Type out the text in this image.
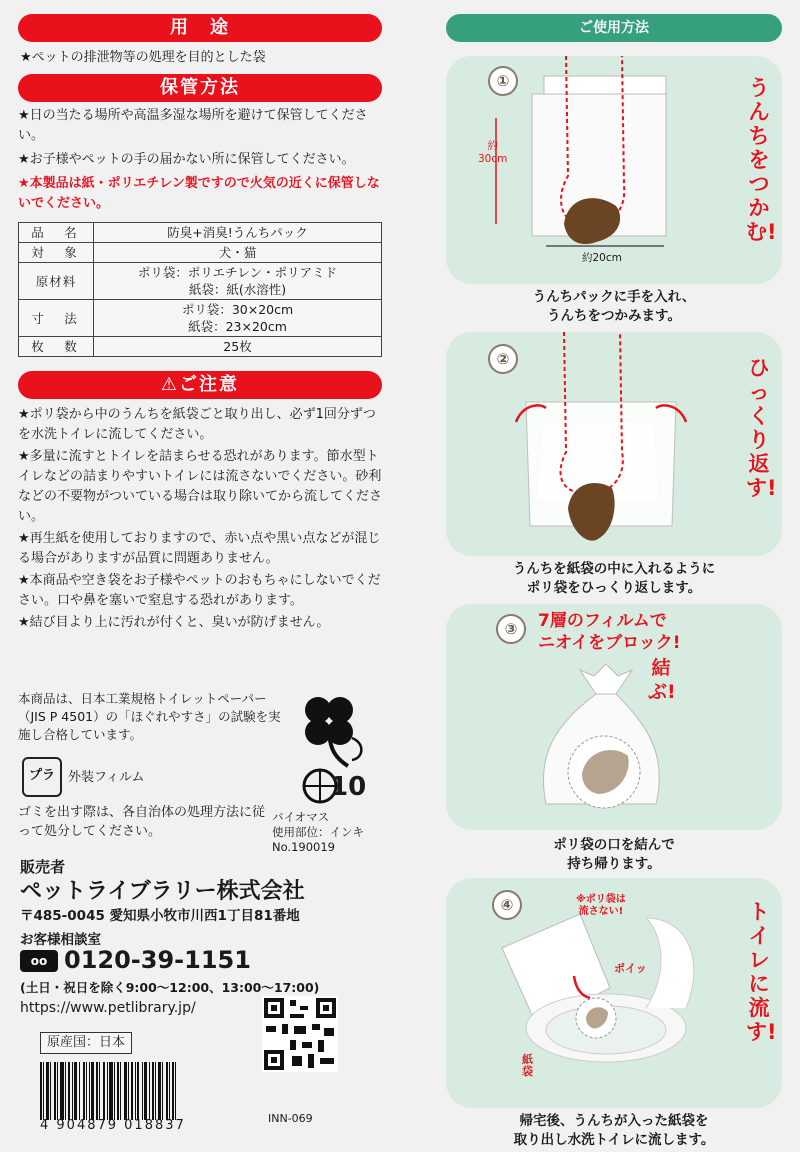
用　途
★ペットの排泄物等の処理を目的とした袋
保管方法
★日の当たる場所や高温多湿な場所を避けて保管してください。
★お子様やペットの手の届かない所に保管してください。
★本製品は紙・ポリエチレン製ですので火気の近くに保管しないでください。
品　名	防臭+消臭!うんちパック
対　象	犬・猫
原材料	ポリ袋：ポリエチレン・ポリアミド
紙袋：紙(水溶性)

寸　法	ポリ袋：30×20cm
紙袋：23×20cm

枚　数	25枚
⚠ご注意
★ポリ袋から中のうんちを紙袋ごと取り出し、必ず1回分ずつを水洗トイレに流してください。
★多量に流すとトイレを詰まらせる恐れがあります。節水型トイレなどの詰まりやすいトイレには流さないでください。砂利などの不要物がついている場合は取り除いてから流してください。
★再生紙を使用しておりますので、赤い点や黒い点などが混じる場合がありますが品質に問題ありません。
★本商品や空き袋をお子様やペットのおもちゃにしないでください。口や鼻を塞いで窒息する恐れがあります。
★結び目より上に汚れが付くと、臭いが防げません。
本商品は、日本工業規格トイレットペーパー（JIS P 4501）の「ほぐれやすさ」の試験を実施し合格しています。
10
プラ	外装フィルム
ゴミを出す際は、各自治体の処理方法に従って処分してください。
バイオマス
使用部位：インキ
No.190019
販売者
ペットライブラリー株式会社
〒485-0045 愛知県小牧市川西1丁目81番地
お客様相談室
oo 0120-39-1151
(土日・祝日を除く9:00～12:00、13:00～17:00)
https://www.petlibrary.jp/
原産国：日本
4 904879 018837	INN-069
ご使用方法
①
約
30cm
約20cm
うんちをつかむ!
うんちパックに手を入れ、
うんちをつかみます。
②	ひっくり返す!
うんちを紙袋の中に入れるように
ポリ袋をひっくり返します。
③	7層のフィルムで
ニオイをブロック!
結ぶ!
ポリ袋の口を結んで
持ち帰ります。
④	※ポリ袋は
流さない!
ポイッ
紙袋
トイレに流す!
帰宅後、うんちが入った紙袋を
取り出し水洗トイレに流します。
